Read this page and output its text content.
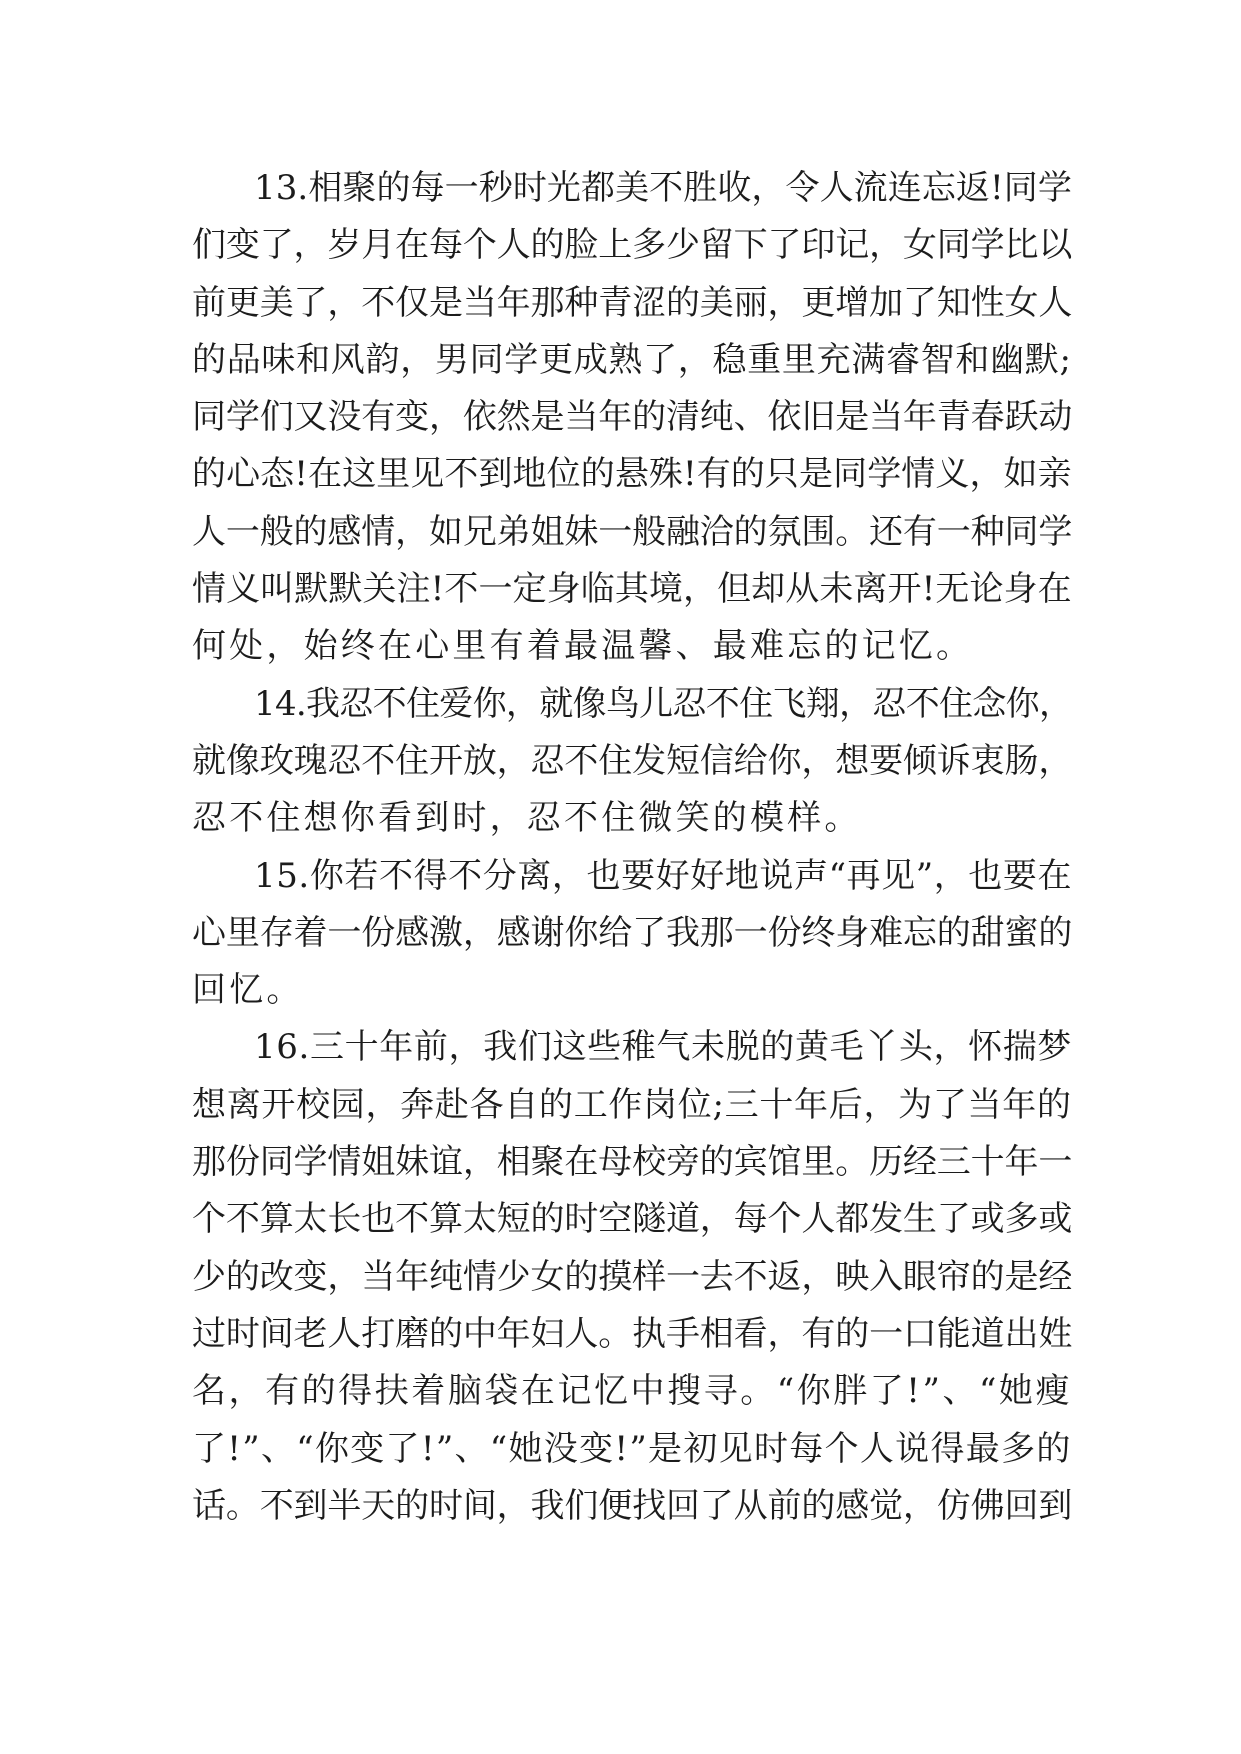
13.相聚的每一秒时光都美不胜收，令人流连忘返!同学
们变了，岁月在每个人的脸上多少留下了印记，女同学比以
前更美了，不仅是当年那种青涩的美丽，更增加了知性女人
的品味和风韵，男同学更成熟了，稳重里充满睿智和幽默;
同学们又没有变，依然是当年的清纯、依旧是当年青春跃动
的心态!在这里见不到地位的悬殊!有的只是同学情义，如亲
人一般的感情，如兄弟姐妹一般融洽的氛围。还有一种同学
情义叫默默关注!不一定身临其境，但却从未离开!无论身在
何处，始终在心里有着最温馨、最难忘的记忆。

14.我忍不住爱你，就像鸟儿忍不住飞翔，忍不住念你，
就像玫瑰忍不住开放，忍不住发短信给你，想要倾诉衷肠，
忍不住想你看到时，忍不住微笑的模样。

15.你若不得不分离，也要好好地说声“再见”，也要在
心里存着一份感激，感谢你给了我那一份终身难忘的甜蜜的
回忆。

16.三十年前，我们这些稚气未脱的黄毛丫头，怀揣梦
想离开校园，奔赴各自的工作岗位;三十年后，为了当年的
那份同学情姐妹谊，相聚在母校旁的宾馆里。历经三十年一
个不算太长也不算太短的时空隧道，每个人都发生了或多或
少的改变，当年纯情少女的摸样一去不返，映入眼帘的是经
过时间老人打磨的中年妇人。执手相看，有的一口能道出姓
名，有的得扶着脑袋在记忆中搜寻。“你胖了!”、“她瘦
了!”、“你变了!”、“她没变!”是初见时每个人说得最多的
话。不到半天的时间，我们便找回了从前的感觉，仿佛回到
